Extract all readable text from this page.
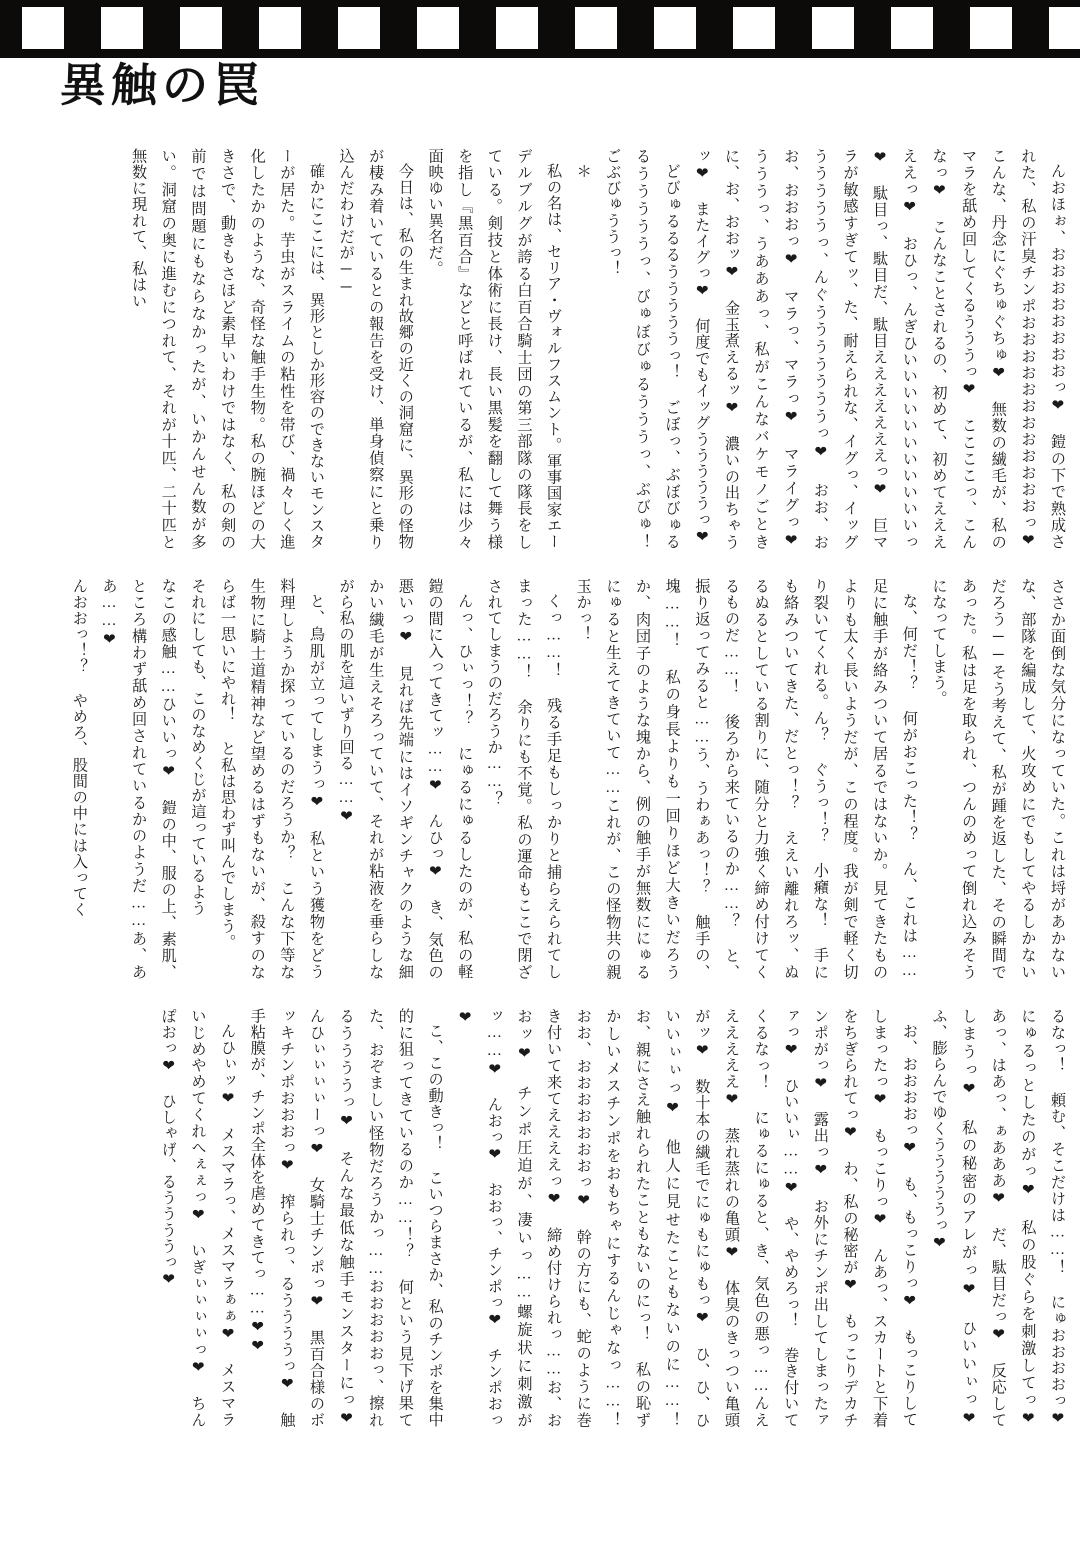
異触の罠

んおほぉ、おおおおおおおおっ❤ 鎧の下で熟成された、私の汗臭チンポおおおおおおおおおおおおっ❤ こんな、丹念にぐちゅぐちゅ❤ 無数の繊毛が、私のマラを舐め回してくるうううっ❤ ここここっ、こんなっ❤ こんなことされるの、初めて、初めてえええええっ❤ おひっ、んぎひいいいいいいいいいいいっ❤ 駄目っ、駄目だ、駄目えええええええっ❤ 巨マラが敏感すぎてッ、た、耐えられな、イグっ、イッグうううううっ、んぐうううううううっ❤ おお、おお、おおおっ❤ マラっ、マラっ❤ マライグっ❤ うううっ、うあああっ、私がこんなバケモノごときに、お、おおッ❤ 金玉煮えるッ❤ 濃いの出ちゃうッ❤ またイグっ❤ 何度でもイッグうううううっ❤

どびゅるるるうううううっ！ ごぼっ、ぶぼびゅるるうううううっ、びゅぼびゅるうううっ、ぶびゅ！ ごぶびゅううっ！

＊

私の名は、セリア・ヴォルフスムント。軍事国家エーデルブルグが誇る白百合騎士団の第三部隊の隊長をしている。剣技と体術に長け、長い黒髪を翻して舞う様を指し『黒百合』などと呼ばれているが、私には少々面映ゆい異名だ。

今日は、私の生まれ故郷の近くの洞窟に、異形の怪物が棲み着いているとの報告を受け、単身偵察にと乗り込んだわけだが──

確かにここには、異形としか形容のできないモンスターが居た。芋虫がスライムの粘性を帯び、禍々しく進化したかのような、奇怪な触手生物。私の腕ほどの大きさで、動きもさほど素早いわけではなく、私の剣の前では問題にもならなかったが、いかんせん数が多い。洞窟の奥に進むにつれて、それが十匹、二十匹と無数に現れて、私はい

ささか面倒な気分になっていた。これは埒があかないな、部隊を編成して、火攻めにでもしてやるしかないだろう──そう考えて、私が踵を返した、その瞬間であった。私は足を取られ、つんのめって倒れ込みそうになってしまう。

な、何だ！？ 何がおこった！？ ん、これは……足に触手が絡みついて居るではないか。見てきたものよりも太く長いようだが、この程度。我が剣で軽く切り裂いてくれる。ん？ ぐうっ！？ 小癪な！ 手にも絡みついてきた、だとっ！？ ええい離れろッ、ぬるぬるとしている割りに、随分と力強く締め付けてくるものだ……！ 後ろから来ているのか……？ と、振り返ってみると……う、うわぁあっ！？ 触手の、塊……！ 私の身長よりも一回りほど大きいだろうか、肉団子のような塊から、例の触手が無数ににゅるにゅると生えてきていて……これが、この怪物共の親玉かっ！

くっ……！ 残る手足もしっかりと捕らえられてしまった……！ 余りにも不覚。私の運命もここで閉ざされてしまうのだろうか……？

んっ、ひぃっ！？ にゅるにゅるしたのが、私の軽鎧の間に入ってきてッ……❤ んひっ❤ き、気色の悪いっ❤ 見れば先端にはイソギンチャクのような細かい繊毛が生えそろっていて、それが粘液を垂らしながら私の肌を這いずり回る……❤

と、鳥肌が立ってしまうっ❤ 私という獲物をどう料理しようか探っているのだろうか？ こんな下等な生物に騎士道精神など望めるはずもないが、殺すのならば一思いにやれ！ と私は思わず叫んでしまう。

それにしても、このなめくじが這っているよう

なこの感触……ひいいっ❤ 鎧の中、服の上、素肌、ところ構わず舐め回されているかのようだ……あ、ああ……❤

んおおっ！？ やめろ、股間の中には入ってく

るなっ！ 頼む、そこだけは……！ にゅおおおおっ❤ にゅるっとしたのがっ❤ 私の股ぐらを刺激してっ❤ あっ、はあっ、ぁあああ❤ だ、駄目だっ❤ 反応してしまうっ❤ 私の秘密のアレがっ❤ ひいいぃっ❤ ふ、膨らんでゆくうううううっ❤

お、おおおおっ❤ も、もっこりっ❤ もっこりしてしまったっ❤ もっこりっ❤ んあっ、スカートと下着をちぎられてっ❤ わ、私の秘密が❤ もっこりデカチンポがっ❤ 露出っ❤ お外にチンポ出してしまったァァっ❤ ひいいぃ……❤ や、やめろっ！ 巻き付いてくるなっ！ にゅるにゅると、き、気色の悪っ……んええええええ❤ 蒸れ蒸れの亀頭❤ 体臭のきっつい亀頭がッ❤ 数十本の繊毛でにゅもにゅもっ❤ ひ、ひ、ひいいぃぃっ❤ 他人に見せたこともないのに……！ お、親にさえ触れられたこともないのにっ！ 私の恥ずかしいメスチンポをおもちゃにするんじゃなっ……！ おお、おおおおおおおっ❤ 幹の方にも、蛇のように巻き付いて来てええええっ❤ 締め付けられっ……お、おおッ❤ チンポ圧迫が、凄いっ……螺旋状に刺激がッ……❤ んおっ❤ おおっ、チンポっ❤ チンポおっ❤

こ、この動きっ！ こいつらまさか、私のチンポを集中的に狙ってきているのか……！？ 何という見下げ果てた、おぞましい怪物だろうかっ……おおおおおっ、擦れるううううっ❤ そんな最低な触手モンスターにっ❤ んひぃぃぃぃーっ❤ 女騎士チンポっ❤ 黒百合様のボッキチンポおおおっ❤ 搾られっ、るううううっ❤ 触手粘膜が、チンポ全体を虐めてきてっ……❤❤

んひぃッ❤ メスマラっ、メスマラぁぁ❤ メスマラいじめやめてくれへぇぇっ❤ いぎぃぃぃぃっ❤ ちんぽおっ❤ ひしゃげ、るううううっ❤
